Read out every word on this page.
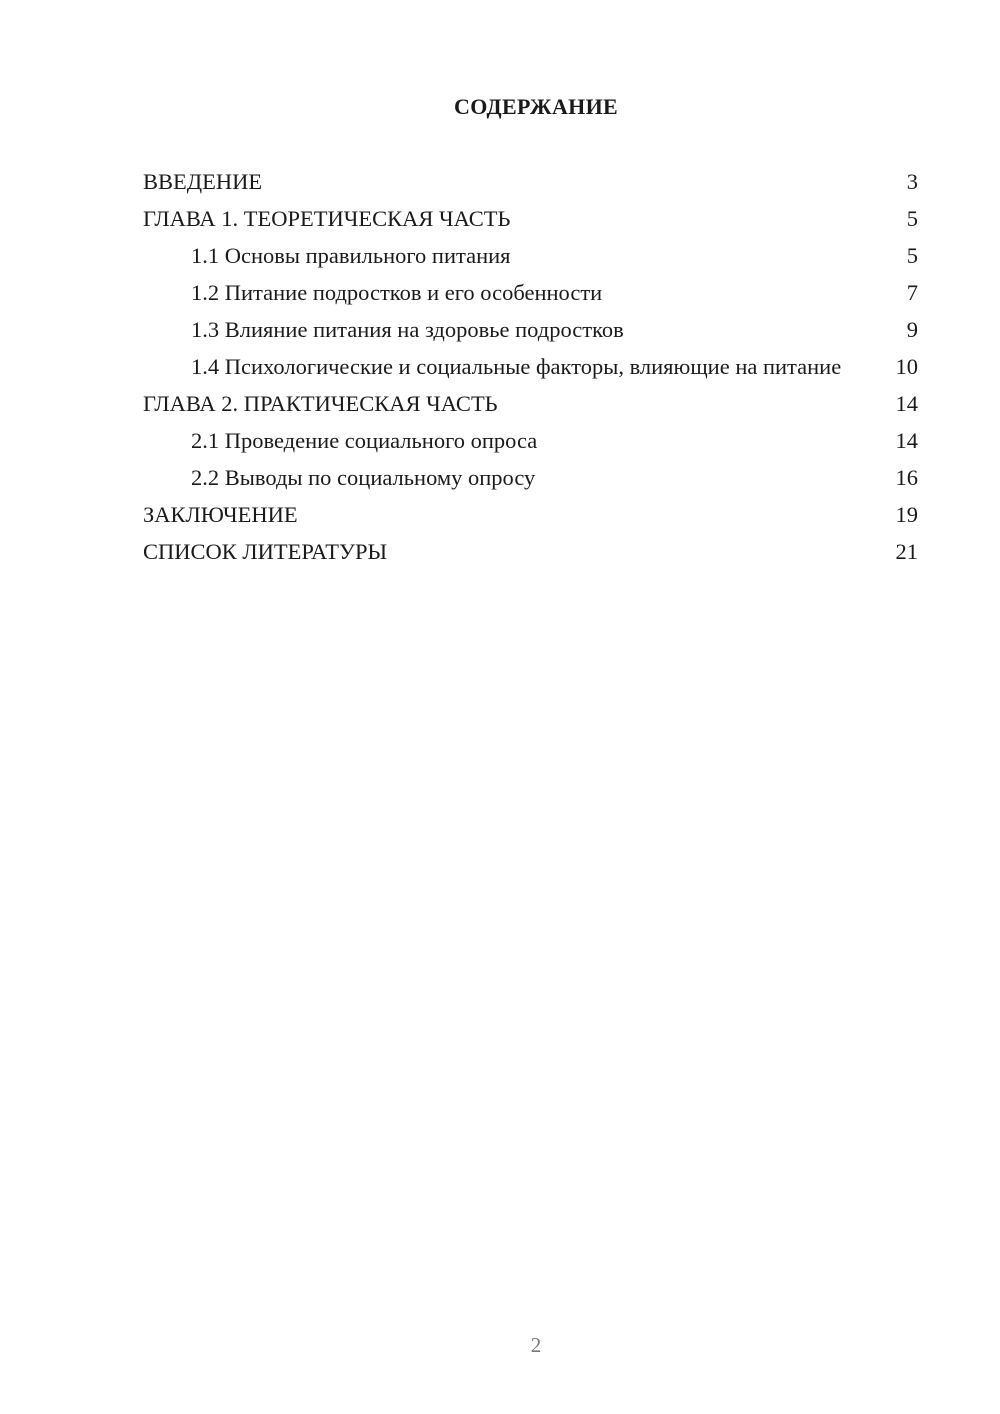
СОДЕРЖАНИЕ
ВВЕДЕНИЕ	3
ГЛАВА 1. ТЕОРЕТИЧЕСКАЯ ЧАСТЬ	5
1.1 Основы правильного питания	5
1.2 Питание подростков и его особенности	7
1.3 Влияние питания на здоровье подростков	9
1.4 Психологические и социальные факторы, влияющие на питание	10
ГЛАВА 2. ПРАКТИЧЕСКАЯ ЧАСТЬ	14
2.1 Проведение социального опроса	14
2.2 Выводы по социальному опросу	16
ЗАКЛЮЧЕНИЕ	19
СПИСОК ЛИТЕРАТУРЫ	21
2
